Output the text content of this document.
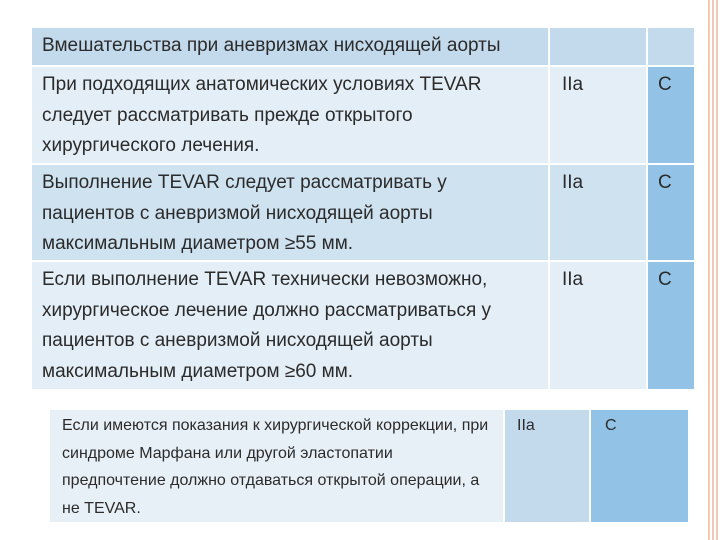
Вмешательства при аневризмах нисходящей аорты		
При подходящих анатомических условиях TEVAR следует рассматривать прежде открытого хирургического лечения.	IIa	C
Выполнение TEVAR следует рассматривать у пациентов с аневризмой нисходящей аорты максимальным диаметром ≥55 мм.	IIa	C
Если выполнение TEVAR технически невозможно, хирургическое лечение должно рассматриваться у пациентов с аневризмой нисходящей аорты максимальным диаметром ≥60 мм.	IIa	C
Если имеются показания к хирургической коррекции, при синдроме Марфана или другой эластопатии предпочтение должно отдаваться открытой операции, а не TEVAR.	IIa	C
